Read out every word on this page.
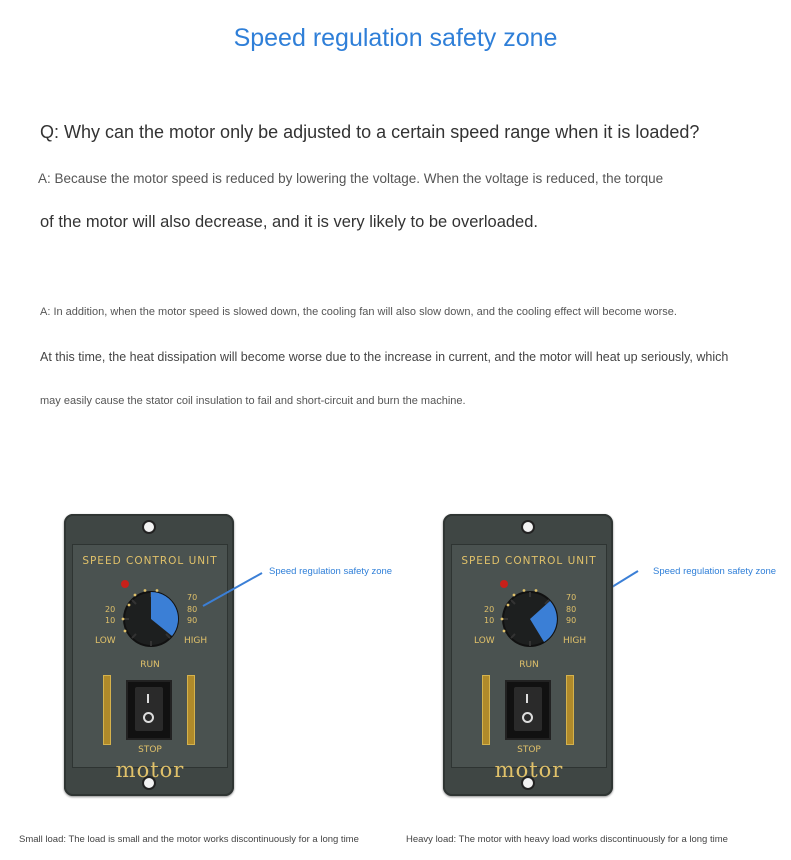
Speed regulation safety zone
Q: Why can the motor only be adjusted to a certain speed range when it is loaded?
A: Because the motor speed is reduced by lowering the voltage. When the voltage is reduced, the torque
of the motor will also decrease, and it is very likely to be overloaded.
A: In addition, when the motor speed is slowed down, the cooling fan will also slow down, and the cooling effect will become worse.
At this time, the heat dissipation will become worse due to the increase in current, and the motor will heat up seriously, which
may easily cause the stator coil insulation to fail and short-circuit and burn the machine.
SPEED CONTROL UNIT
20
10
70
80
90
LOW	HIGH
RUN
STOP
motor
Speed regulation safety zone
Small load: The load is small and the motor works discontinuously for a long time
SPEED CONTROL UNIT
20
10
70
80
90
LOW	HIGH
RUN
STOP
motor
Speed regulation safety zone
Heavy load: The motor with heavy load works discontinuously for a long time
